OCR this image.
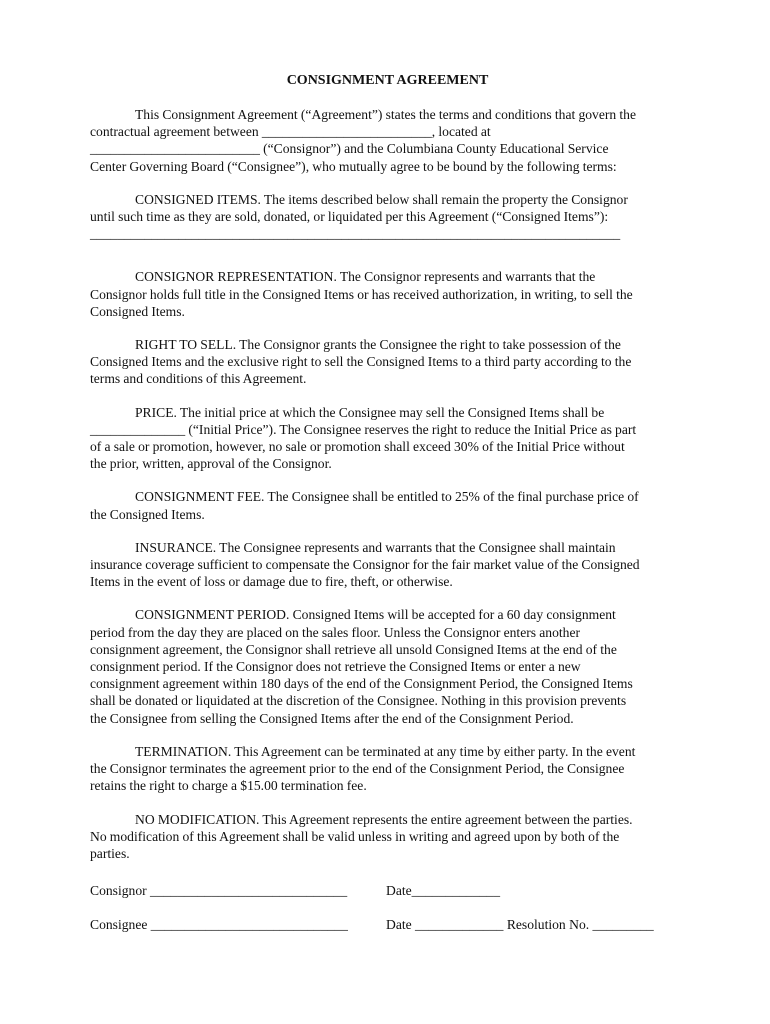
CONSIGNMENT AGREEMENT
This Consignment Agreement (“Agreement”) states the terms and conditions that govern the
contractual agreement between _________________________, located at
_________________________ (“Consignor”) and the Columbiana County Educational Service
Center Governing Board (“Consignee”), who mutually agree to be bound by the following terms:
CONSIGNED ITEMS. The items described below shall remain the property the Consignor
until such time as they are sold, donated, or liquidated per this Agreement (“Consigned Items”):
______________________________________________________________________________
CONSIGNOR REPRESENTATION. The Consignor represents and warrants that the
Consignor holds full title in the Consigned Items or has received authorization, in writing, to sell the
Consigned Items.
RIGHT TO SELL. The Consignor grants the Consignee the right to take possession of the
Consigned Items and the exclusive right to sell the Consigned Items to a third party according to the
terms and conditions of this Agreement.
PRICE. The initial price at which the Consignee may sell the Consigned Items shall be
______________ (“Initial Price”). The Consignee reserves the right to reduce the Initial Price as part
of a sale or promotion, however, no sale or promotion shall exceed 30% of the Initial Price without
the prior, written, approval of the Consignor.
CONSIGNMENT FEE. The Consignee shall be entitled to 25% of the final purchase price of
the Consigned Items.
INSURANCE. The Consignee represents and warrants that the Consignee shall maintain
insurance coverage sufficient to compensate the Consignor for the fair market value of the Consigned
Items in the event of loss or damage due to fire, theft, or otherwise.
CONSIGNMENT PERIOD. Consigned Items will be accepted for a 60 day consignment
period from the day they are placed on the sales floor. Unless the Consignor enters another
consignment agreement, the Consignor shall retrieve all unsold Consigned Items at the end of the
consignment period. If the Consignor does not retrieve the Consigned Items or enter a new
consignment agreement within 180 days of the end of the Consignment Period, the Consigned Items
shall be donated or liquidated at the discretion of the Consignee. Nothing in this provision prevents
the Consignee from selling the Consigned Items after the end of the Consignment Period.
TERMINATION. This Agreement can be terminated at any time by either party. In the event
the Consignor terminates the agreement prior to the end of the Consignment Period, the Consignee
retains the right to charge a $15.00 termination fee.
NO MODIFICATION. This Agreement represents the entire agreement between the parties.
No modification of this Agreement shall be valid unless in writing and agreed upon by both of the
parties.
Consignor _____________________________	Date_____________
Consignee _____________________________	Date _____________ Resolution No. _________
